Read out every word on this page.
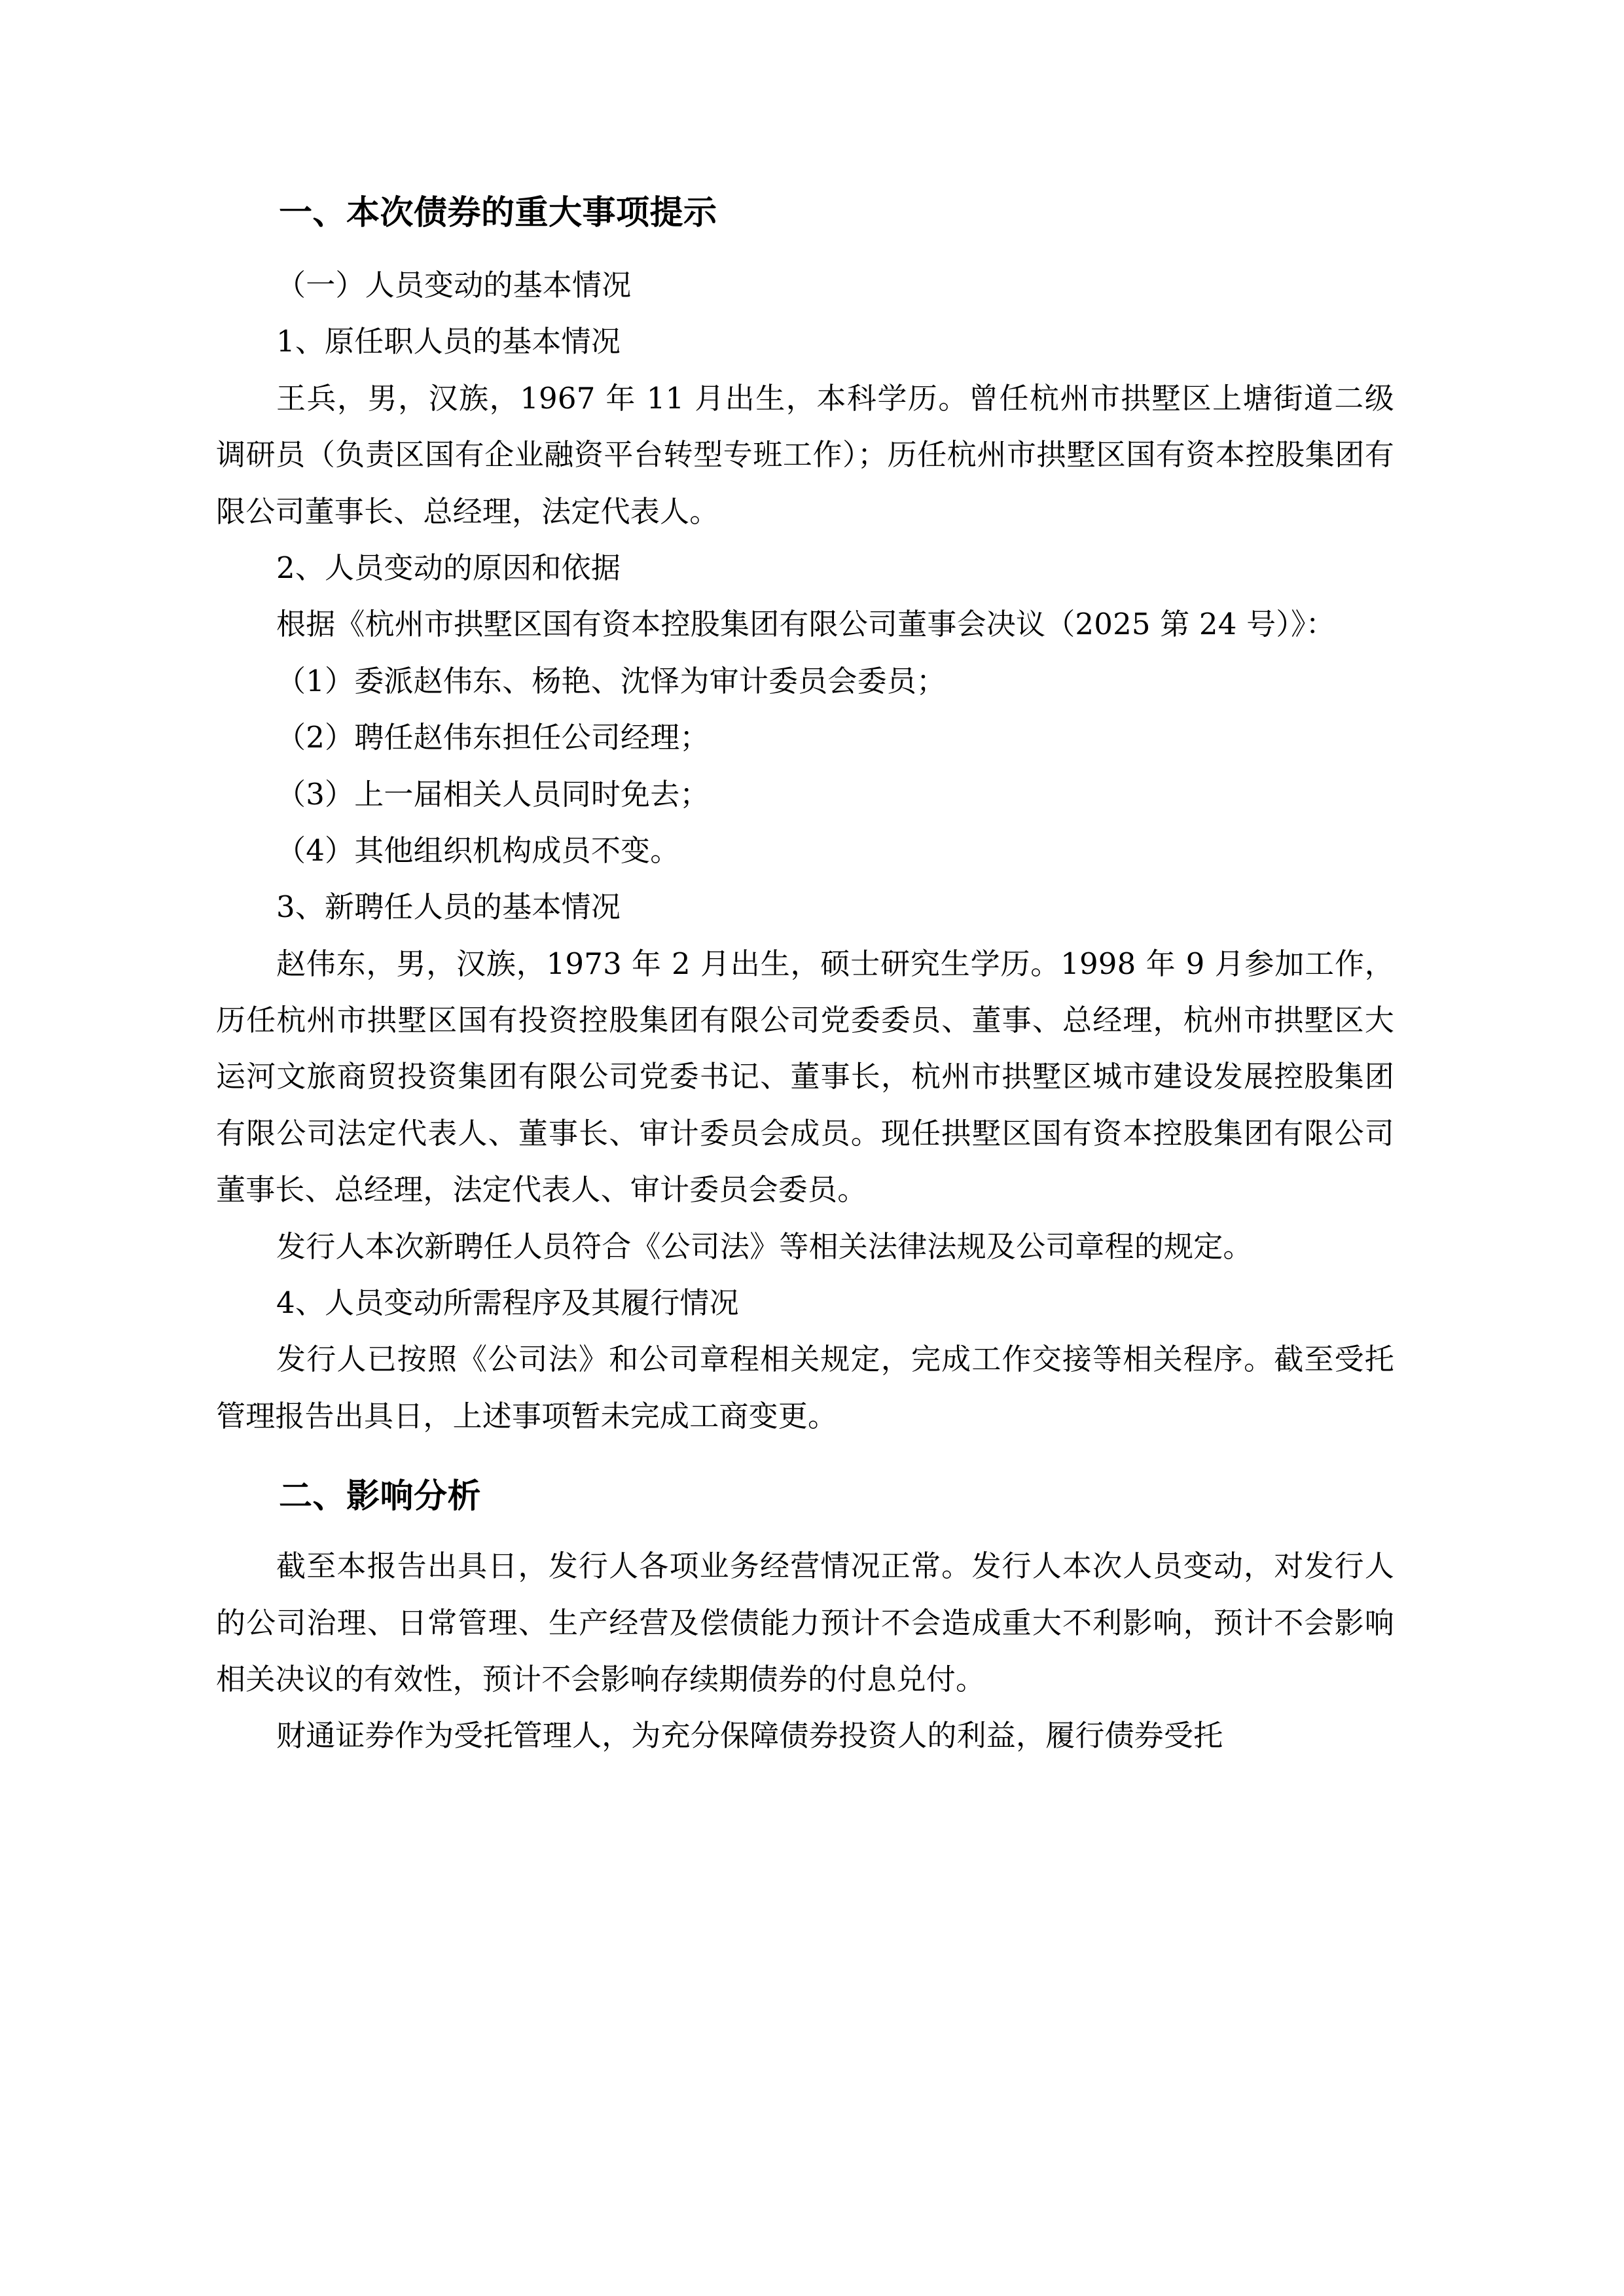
一、本次债券的重大事项提示

（一）人员变动的基本情况

1、原任职人员的基本情况

王兵，男，汉族，1967 年 11 月出生，本科学历。曾任杭州市拱墅区上塘街道二级调研员（负责区国有企业融资平台转型专班工作）；历任杭州市拱墅区国有资本控股集团有限公司董事长、总经理，法定代表人。

2、人员变动的原因和依据

根据《杭州市拱墅区国有资本控股集团有限公司董事会决议（2025 第 24 号）》：

（1）委派赵伟东、杨艳、沈怿为审计委员会委员；

（2）聘任赵伟东担任公司经理；

（3）上一届相关人员同时免去；

（4）其他组织机构成员不变。

3、新聘任人员的基本情况

赵伟东，男，汉族，1973 年 2 月出生，硕士研究生学历。1998 年 9 月参加工作，历任杭州市拱墅区国有投资控股集团有限公司党委委员、董事、总经理，杭州市拱墅区大运河文旅商贸投资集团有限公司党委书记、董事长，杭州市拱墅区城市建设发展控股集团有限公司法定代表人、董事长、审计委员会成员。现任拱墅区国有资本控股集团有限公司董事长、总经理，法定代表人、审计委员会委员。

发行人本次新聘任人员符合《公司法》等相关法律法规及公司章程的规定。

4、人员变动所需程序及其履行情况

发行人已按照《公司法》和公司章程相关规定，完成工作交接等相关程序。截至受托管理报告出具日，上述事项暂未完成工商变更。

二、影响分析

截至本报告出具日，发行人各项业务经营情况正常。发行人本次人员变动，对发行人的公司治理、日常管理、生产经营及偿债能力预计不会造成重大不利影响，预计不会影响相关决议的有效性，预计不会影响存续期债券的付息兑付。

财通证券作为受托管理人，为充分保障债券投资人的利益，履行债券受托
